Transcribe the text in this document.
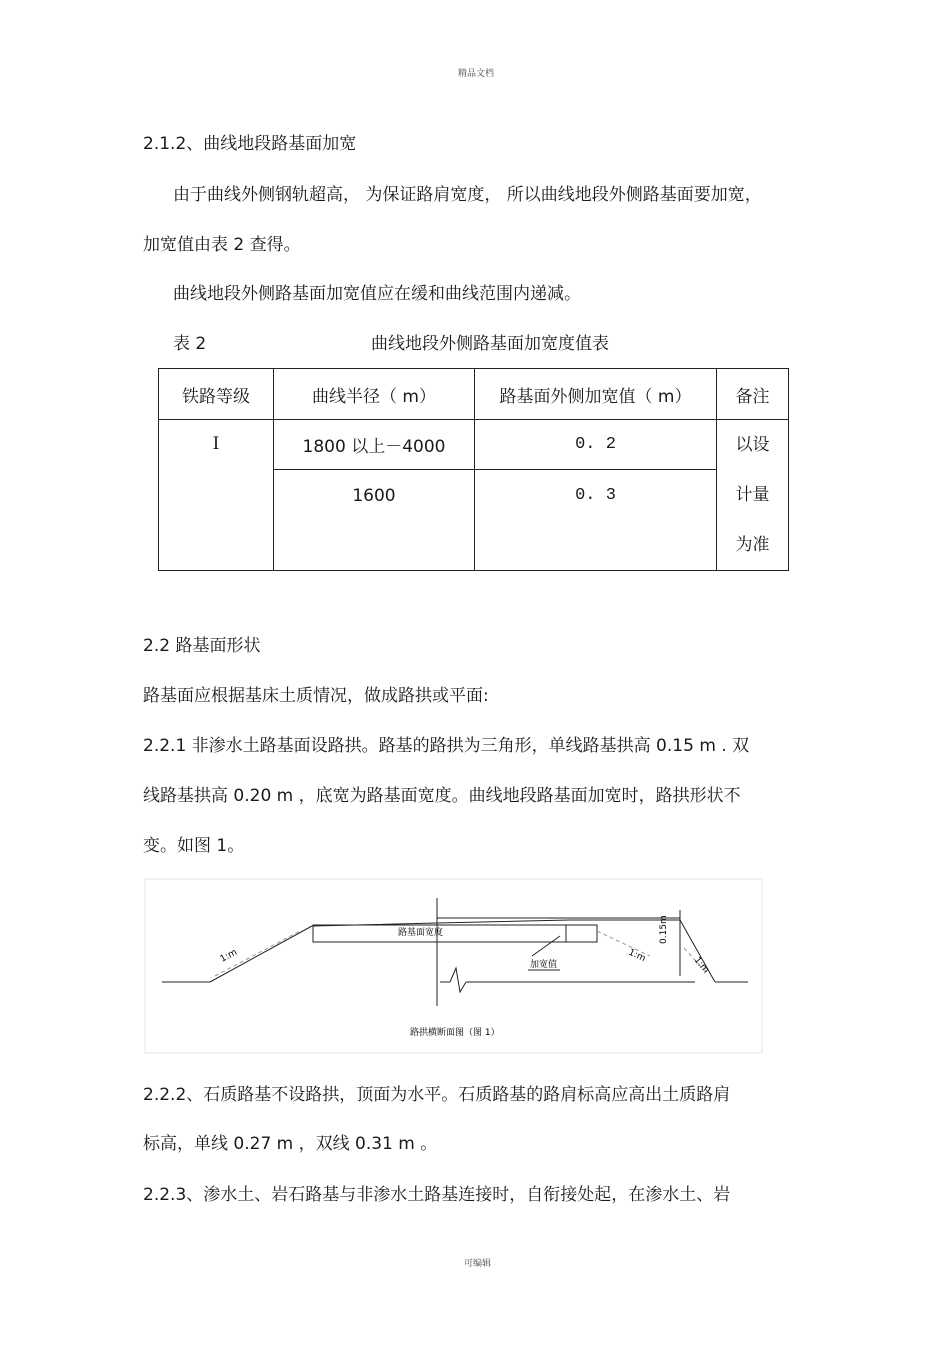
精品文档
2.1.2、曲线地段路基面加宽
由于曲线外侧钢轨超高， 为保证路肩宽度， 所以曲线地段外侧路基面要加宽，
加宽值由表 2 查得。
曲线地段外侧路基面加宽值应在缓和曲线范围内递减。
表 2	曲线地段外侧路基面加宽度值表
铁路等级	曲线半径（ m）	路基面外侧加宽值（ m）	备注
Ⅰ	1800 以上－4000	0. 2	以设
计量
为准

	1600	0. 3	

2.2 路基面形状
路基面应根据基床土质情况，做成路拱或平面:
2.2.1 非渗水土路基面设路拱。路基的路拱为三角形，单线路基拱高 0.15 m . 双
线路基拱高 0.20 m ，底宽为路基面宽度。曲线地段路基面加宽时，路拱形状不
变。如图 1。
路基面宽度
加宽值
1:m	1:m	1:m
0.15m
路拱横断面图（图 1）
2.2.2、石质路基不设路拱，顶面为水平。石质路基的路肩标高应高出土质路肩
标高，单线 0.27 m ，双线 0.31 m 。
2.2.3、渗水土、岩石路基与非渗水土路基连接时，自衔接处起，在渗水土、岩
可编辑
